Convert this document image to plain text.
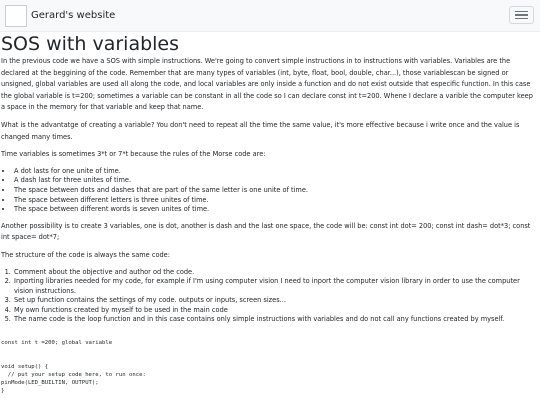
Gerard's website
SOS with variables

In the previous code we have a SOS with simple instructions. We're going to convert simple instructions in to instructions with variables. Variables are the declared at the beggining of the code. Remember that are many types of variables (int, byte, float, bool, double, char...), those variablescan be signed or unsigned, global variables are used all along the code, and local variables are only inside a function and do not exist outside that especific function. In this case the global variable is t=200; sometimes a variable can be constant in all the code so I can declare const int t=200. Whene I declare a varible the computer keep a space in the memory for that variable and keep that name.

What is the advantatge of creating a variable? You don't need to repeat all the time the same value, it's more effective because i write once and the value is changed many times.

Time variables is sometimes 3*t or 7*t because the rules of the Morse code are:

• A dot lasts for one unite of time.
• A dash last for three unites of time.
• The space between dots and dashes that are part of the same letter is one unite of time.
• The space between different letters is three unites of time.
• The space between different words is seven unites of time.

Another possibility is to create 3 variables, one is dot, another is dash and the last one space, the code will be: const int dot= 200; const int dash= dot*3; const int space= dot*7;

The structure of the code is always the same code:

1. Comment about the objective and author od the code.
2. Inporting libraries needed for my code, for example if I'm using computer vision I need to inport the computer vision library in order to use the computer vision instructions.
3. Set up function contains the settings of my code. outputs or inputs, screen sizes...
4. My own functions created by myself to be used in the main code
5. The name code is the loop function and in this case contains only simple instructions with variables and do not call any functions created by myself.
const int t =200; global variable

void setup() {
// put your setup code here, to run once:
pinMode(LED_BUILTIN, OUTPUT);
}
